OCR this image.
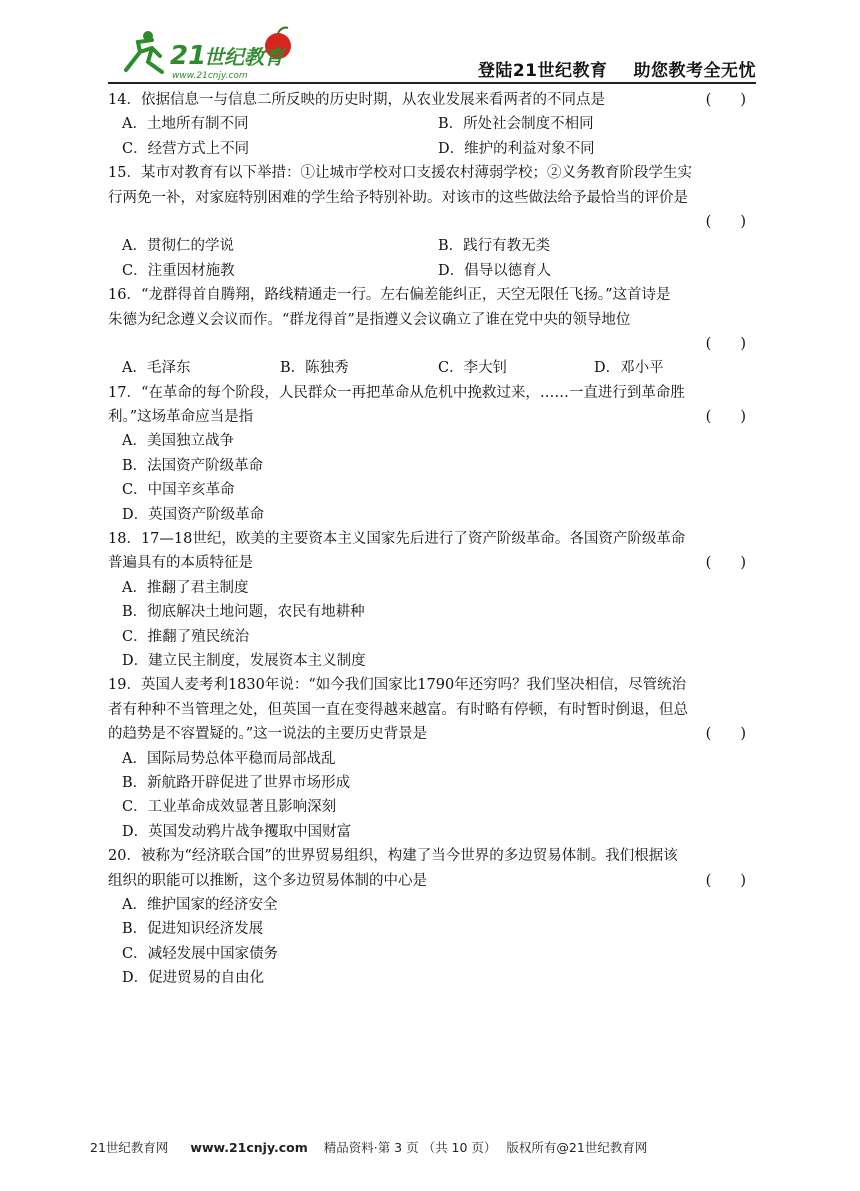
21
世纪教育
www.21cnjy.com	登陆21世纪教育 助您教考全无忧
14．依据信息一与信息二所反映的历史时期，从农业发展来看两者的不同点是	(　　)
A．土地所有制不同	B．所处社会制度不相同
C．经营方式上不同	D．维护的利益对象不同
15．某市对教育有以下举措：①让城市学校对口支援农村薄弱学校；②义务教育阶段学生实
行两免一补，对家庭特别困难的学生给予特别补助。对该市的这些做法给予最恰当的评价是
(　　)
A．贯彻仁的学说	B．践行有教无类
C．注重因材施教	D．倡导以德育人
16．“龙群得首自腾翔，路线精通走一行。左右偏差能纠正，天空无限任飞扬。”这首诗是
朱德为纪念遵义会议而作。“群龙得首”是指遵义会议确立了谁在党中央的领导地位
(　　)
A．毛泽东	B．陈独秀	C．李大钊	D．邓小平
17．“在革命的每个阶段，人民群众一再把革命从危机中挽救过来，……一直进行到革命胜
利。”这场革命应当是指	(　　)
A．美国独立战争
B．法国资产阶级革命
C．中国辛亥革命
D．英国资产阶级革命
18．17—18世纪，欧美的主要资本主义国家先后进行了资产阶级革命。各国资产阶级革命
普遍具有的本质特征是	(　　)
A．推翻了君主制度
B．彻底解决土地问题，农民有地耕种
C．推翻了殖民统治
D．建立民主制度，发展资本主义制度
19．英国人麦考利1830年说：“如今我们国家比1790年还穷吗？我们坚决相信，尽管统治
者有种种不当管理之处，但英国一直在变得越来越富。有时略有停顿，有时暂时倒退，但总
的趋势是不容置疑的。”这一说法的主要历史背景是	(　　)
A．国际局势总体平稳而局部战乱
B．新航路开辟促进了世界市场形成
C．工业革命成效显著且影响深刻
D．英国发动鸦片战争攫取中国财富
20．被称为“经济联合国”的世界贸易组织，构建了当今世界的多边贸易体制。我们根据该
组织的职能可以推断，这个多边贸易体制的中心是	(　　)
A．维护国家的经济安全
B．促进知识经济发展
C．减轻发展中国家债务
D．促进贸易的自由化
21世纪教育网 www.21cnjy.com 精品资料·第 3 页 （共 10 页） 版权所有@21世纪教育网
